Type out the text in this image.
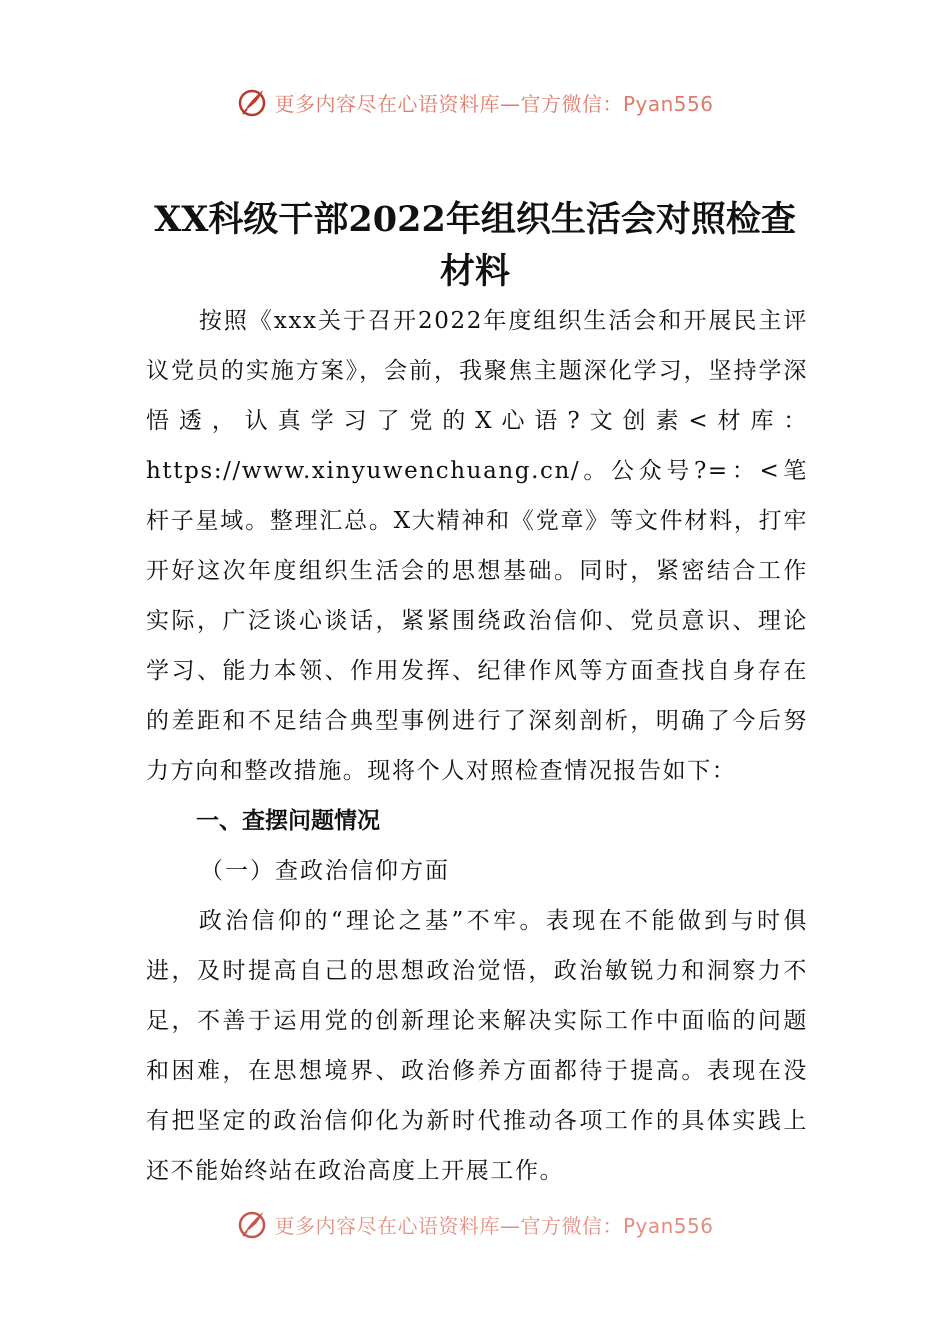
更多内容尽在心语资料库—官方微信：Pyan556
XX科级干部2022年组织生活会对照检查材料

按照《xxx关于召开2022年度组织生活会和开展民主评议党员的实施方案》，会前，我聚焦主题深化学习，坚持学深悟透，认真学习了党的X心语?文创素<材库：https://www.xinyuwenchuang.cn/。公众号?=：<笔杆子星域。整理汇总。X大精神和《党章》等文件材料，打牢开好这次年度组织生活会的思想基础。同时，紧密结合工作实际，广泛谈心谈话，紧紧围绕政治信仰、党员意识、理论学习、能力本领、作用发挥、纪律作风等方面查找自身存在的差距和不足结合典型事例进行了深刻剖析，明确了今后努力方向和整改措施。现将个人对照检查情况报告如下：

一、查摆问题情况

（一）查政治信仰方面

政治信仰的“理论之基”不牢。表现在不能做到与时俱进，及时提高自己的思想政治觉悟，政治敏锐力和洞察力不足，不善于运用党的创新理论来解决实际工作中面临的问题和困难，在思想境界、政治修养方面都待于提高。表现在没有把坚定的政治信仰化为新时代推动各项工作的具体实践上还不能始终站在政治高度上开展工作。

更多内容尽在心语资料库—官方微信：Pyan556
